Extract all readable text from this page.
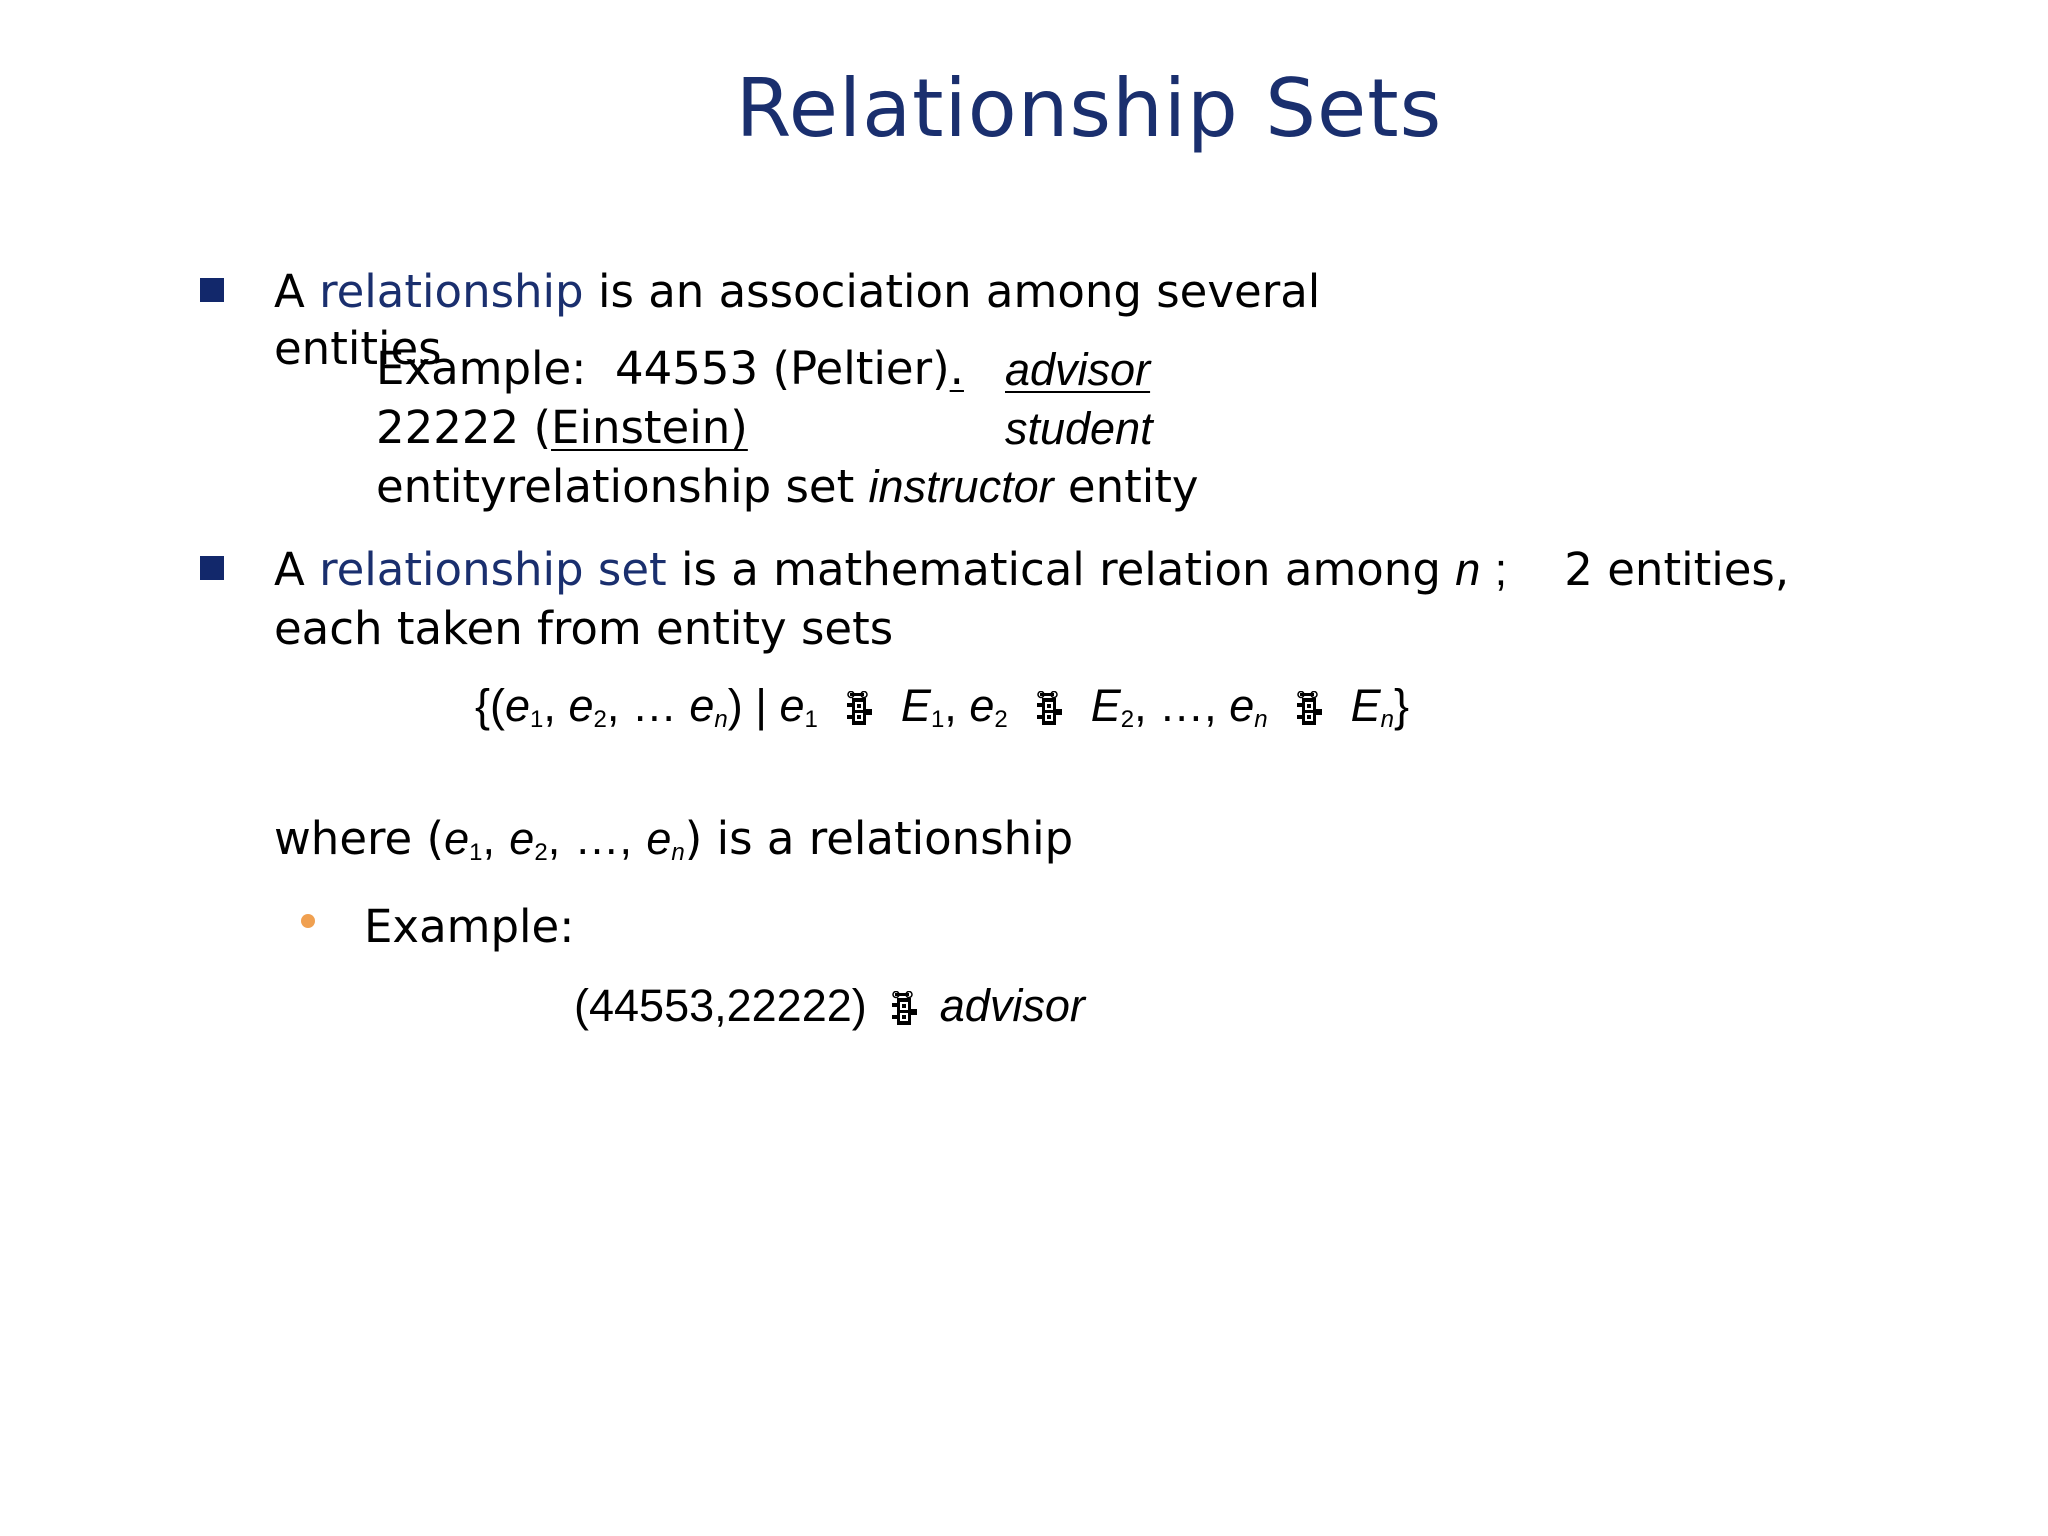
Relationship Sets
A relationship is an association among several
entities
Example: 44553 (Peltier). advisor
22222 (Einstein)	student
entityrelationship set instructor entity
A relationship set is a mathematical relation among n ; 2 entities,
each taken from entity sets
{($e_1$, $e_2$, … $e_n$) | $e_1$ $E_1$, $e_2$ $E_2$, …, $e_n$ $E_n$}
where ($e_1$, $e_2$, …, $e_n$) is a relationship
Example:
(44553,22222) advisor
